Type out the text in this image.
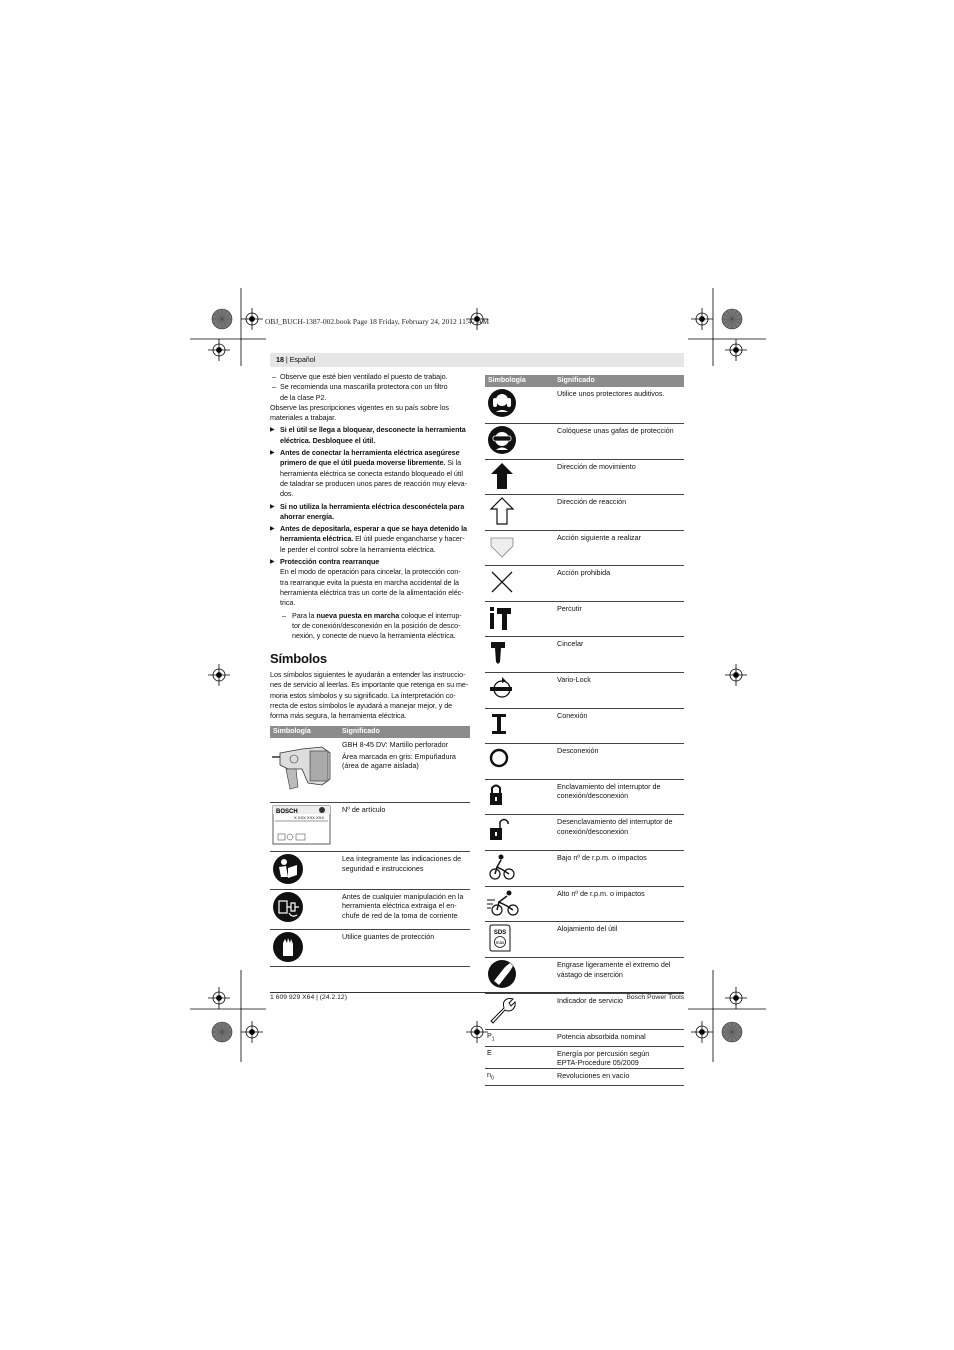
OBJ_BUCH-1387-002.book Page 18 Friday, February 24, 2012 11:47 AM
18 | Español

– Observe que esté bien ventilado el puesto de trabajo.

– Se recomienda una mascarilla protectora con un filtro

de la clase P2.

Observe las prescripciones vigentes en su país sobre los

materiales a trabajar.

▶ Si el útil se llega a bloquear, desconecte la herramienta

eléctrica. Desbloquee el útil.

▶ Antes de conectar la herramienta eléctrica asegúrese

primero de que el útil pueda moverse libremente. Si la

herramienta eléctrica se conecta estando bloqueado el útil

de taladrar se producen unos pares de reacción muy eleva-

dos.

▶ Si no utiliza la herramienta eléctrica desconéctela para

ahorrar energía.

▶ Antes de depositarla, esperar a que se haya detenido la

herramienta eléctrica. El útil puede engancharse y hacer-

le perder el control sobre la herramienta eléctrica.

▶ Protección contra rearranque

En el modo de operación para cincelar, la protección con-

tra rearranque evita la puesta en marcha accidental de la

herramienta eléctrica tras un corte de la alimentación eléc-

trica.

– Para la nueva puesta en marcha coloque el interrup-

tor de conexión/desconexión en la posición de desco-

nexión, y conecte de nuevo la herramienta eléctrica.

Símbolos

Los símbolos siguientes le ayudarán a entender las instruccio-

nes de servicio al leerlas. Es importante que retenga en su me-

moria estos símbolos y su significado. La interpretación co-

rrecta de estos símbolos le ayudará a manejar mejor, y de

forma más segura, la herramienta eléctrica.

Simbología	Significado

GBH 8-45 DV: Martillo perforador
Área marcada en gris: Empuñadura
(área de agarre aislada)

BOSCH
X XXX XXX XXX	Nº de artículo

Lea íntegramente las indicaciones de
seguridad e instrucciones

Antes de cualquier manipulación en la
herramienta eléctrica extraiga el en-
chufe de red de la toma de corriente

Utilice guantes de protección
Simbología	Significado

Utilice unos protectores auditivos.

Colóquese unas gafas de protección

Dirección de movimiento

Dirección de reacción

Acción siguiente a realizar

Acción prohibida

Percutir

Cincelar

Vario-Lock

Conexión

Desconexión

Enclavamiento del interruptor de
conexión/desconexión

Desenclavamiento del interruptor de
conexión/desconexión

Bajo nº de r.p.m. o impactos

Alto nº de r.p.m. o impactos

SDS
max	Alojamiento del útil

Engrase ligeramente el extremo del
vástago de inserción

Indicador de servicio

$P_1$	Potencia absorbida nominal

E	Energía por percusión según
EPTA-Procedure 05/2009

$n_0$	Revoluciones en vacío
1 609 929 X64 | (24.2.12)	Bosch Power Tools
